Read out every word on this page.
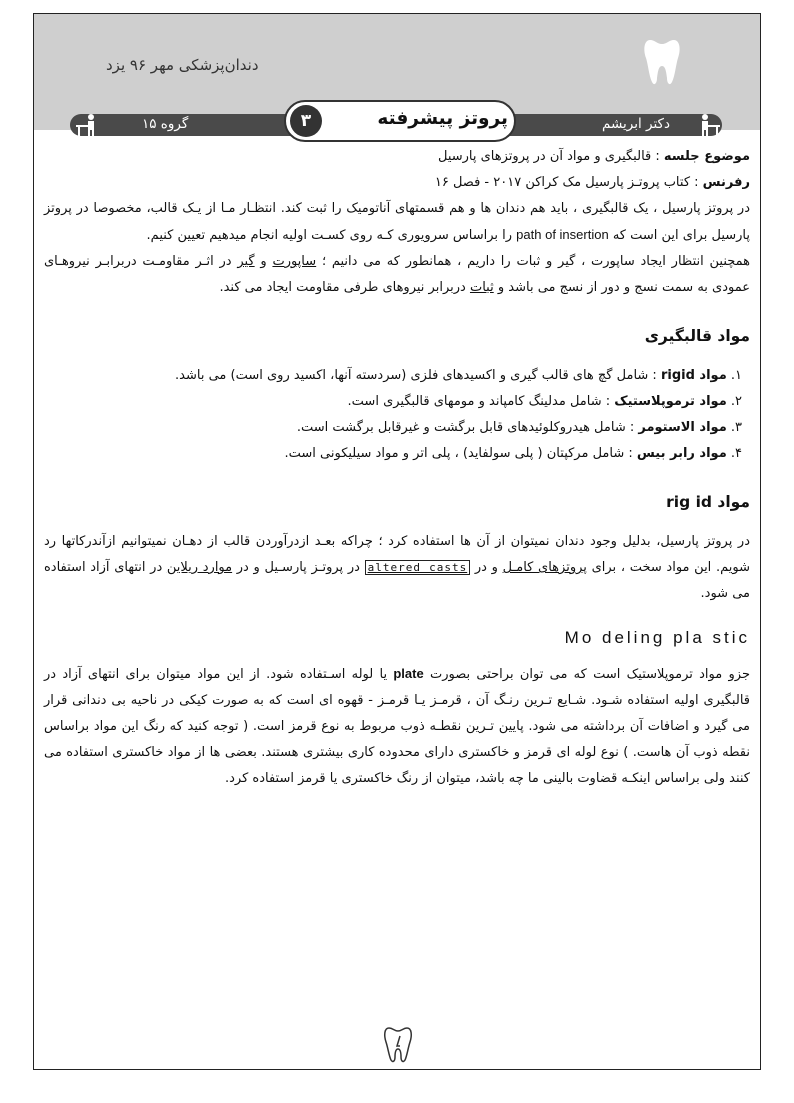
دندان‌پزشکی مهر ۹۶ یزد
دکتر ابریشم
گروه ۱۵	۳	پروتز پیشرفته

موضوع جلسه : قالبگیری و مواد آن در پروتزهای پارسیل

رفرنس : کتاب پروتـز پارسیل مک کراکن ۲۰۱۷ - فصل ۱۶

در پروتز پارسیل ، یک قالبگیری ، باید هم دندان ها و هم قسمتهای آناتومیک را ثبت کند. انتظـار مـا از یـک قالب، مخصوصا در پروتز پارسیل برای این است که path of insertion را براساس سرویوری کـه روی کسـت اولیه انجام میدهیم تعیین کنیم.

همچنین انتظار ایجاد ساپورت ، گیر و ثبات را داریم ، همانطور که می دانیم ؛ ساپورت و گیر در اثـر مقاومـت دربرابـر نیروهـای عمودی به سمت نسج و دور از نسج می باشد و ثبات دربرابر نیروهای طرفی مقاومت ایجاد می کند.

مواد قالبگیری
۱. مواد rigid : شامل گچ های قالب گیری و اکسیدهای فلزی (سردسته آنها، اکسید روی است) می باشد.
۲. مواد ترموپلاستیک : شامل مدلینگ کامپاند و مومهای قالبگیری است.
۳. مواد الاستومر : شامل هیدروکلوئیدهای قابل برگشت و غیرقابل برگشت است.
۴. مواد رابر بیس : شامل مرکپتان ( پلی سولفاید) ، پلی اتر و مواد سیلیکونی است.
مواد rig id

در پروتز پارسیل، بدلیل وجود دندان نمیتوان از آن ها استفاده کرد ؛ چراکه بعـد ازدرآوردن قالب از دهـان نمیتوانیم ازآندرکاتها رد شویم. این مواد سخت ، برای پروتزهای کامـل و در altered casts در پروتـز پارسـیل و در موارد ریلاین در انتهای آزاد استفاده می شود.

Mo deling pla stic

جزو مواد ترموپلاستیک است که می توان براحتی بصورت plate یا لوله اسـتفاده شود. از این مواد میتوان برای انتهای آزاد در قالبگیری اولیه استفاده شـود. شـایع تـرین رنـگ آن ، قرمـز یـا قرمـز - قهوه ای است که به صورت کیکی در ناحیه بی دندانی قرار می گیرد و اضافات آن برداشته می شود. پایین تـرین نقطـه ذوب مربوط به نوع قرمز است. ( توجه کنید که رنگ این مواد براساس نقطه ذوب آن هاست. ) نوع لوله ای قرمز و خاکستری دارای محدوده کاری بیشتری هستند. بعضی ها از مواد خاکستری استفاده می کنند ولی براساس اینکـه قضاوت بالینی ما چه باشد، میتوان از رنگ خاکستری یا قرمز استفاده کرد.
